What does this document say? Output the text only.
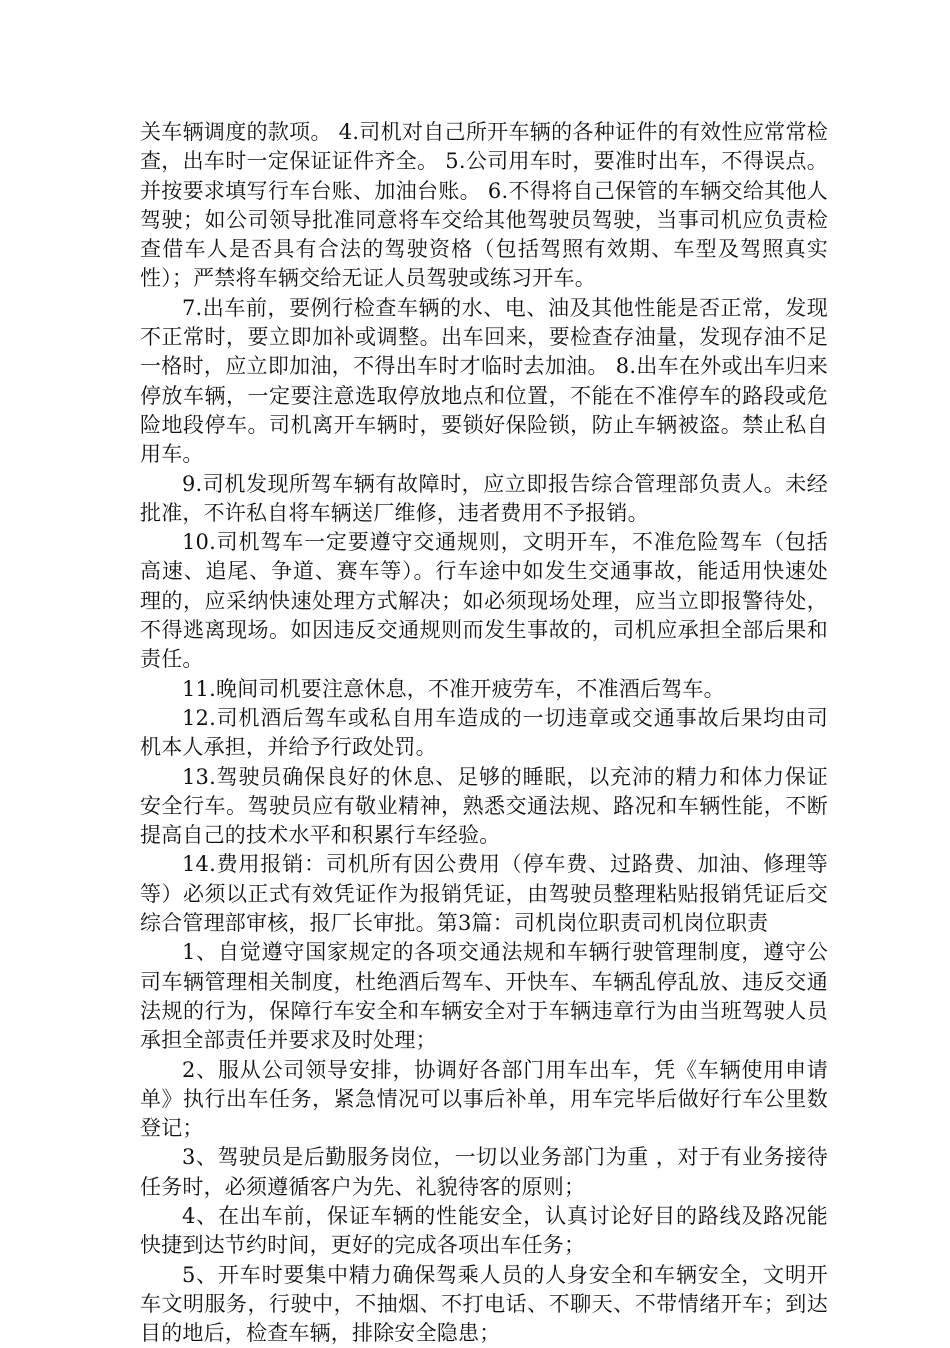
关车辆调度的款项。 4.司机对自己所开车辆的各种证件的有效性应常常检查，出车时一定保证证件齐全。 5.公司用车时，要准时出车，不得误点。并按要求填写行车台账、加油台账。 6.不得将自己保管的车辆交给其他人驾驶；如公司领导批准同意将车交给其他驾驶员驾驶，当事司机应负责检查借车人是否具有合法的驾驶资格（包括驾照有效期、车型及驾照真实性）；严禁将车辆交给无证人员驾驶或练习开车。

7.出车前，要例行检查车辆的水、电、油及其他性能是否正常，发现不正常时，要立即加补或调整。出车回来，要检查存油量，发现存油不足一格时，应立即加油，不得出车时才临时去加油。 8.出车在外或出车归来停放车辆，一定要注意选取停放地点和位置，不能在不准停车的路段或危险地段停车。司机离开车辆时，要锁好保险锁，防止车辆被盗。禁止私自用车。

9.司机发现所驾车辆有故障时，应立即报告综合管理部负责人。未经批准，不许私自将车辆送厂维修，违者费用不予报销。

10.司机驾车一定要遵守交通规则，文明开车，不准危险驾车（包括高速、追尾、争道、赛车等）。行车途中如发生交通事故，能适用快速处理的，应采纳快速处理方式解决；如必须现场处理，应当立即报警待处，不得逃离现场。如因违反交通规则而发生事故的，司机应承担全部后果和责任。

11.晚间司机要注意休息，不准开疲劳车，不准酒后驾车。

12.司机酒后驾车或私自用车造成的一切违章或交通事故后果均由司机本人承担，并给予行政处罚。

13.驾驶员确保良好的休息、足够的睡眠，以充沛的精力和体力保证安全行车。驾驶员应有敬业精神，熟悉交通法规、路况和车辆性能，不断提高自己的技术水平和积累行车经验。

14.费用报销：司机所有因公费用（停车费、过路费、加油、修理等等）必须以正式有效凭证作为报销凭证，由驾驶员整理粘贴报销凭证后交综合管理部审核，报厂长审批。第3篇：司机岗位职责司机岗位职责

1、自觉遵守国家规定的各项交通法规和车辆行驶管理制度，遵守公司车辆管理相关制度，杜绝酒后驾车、开快车、车辆乱停乱放、违反交通法规的行为，保障行车安全和车辆安全对于车辆违章行为由当班驾驶人员承担全部责任并要求及时处理；

2、服从公司领导安排，协调好各部门用车出车，凭《车辆使用申请单》执行出车任务，紧急情况可以事后补单，用车完毕后做好行车公里数登记；

3、驾驶员是后勤服务岗位，一切以业务部门为重 ，对于有业务接待任务时，必须遵循客户为先、礼貌待客的原则；

4、在出车前，保证车辆的性能安全，认真讨论好目的路线及路况能快捷到达节约时间，更好的完成各项出车任务；

5、开车时要集中精力确保驾乘人员的人身安全和车辆安全，文明开车文明服务，行驶中，不抽烟、不打电话、不聊天、不带情绪开车；到达目的地后，检查车辆，排除安全隐患；
